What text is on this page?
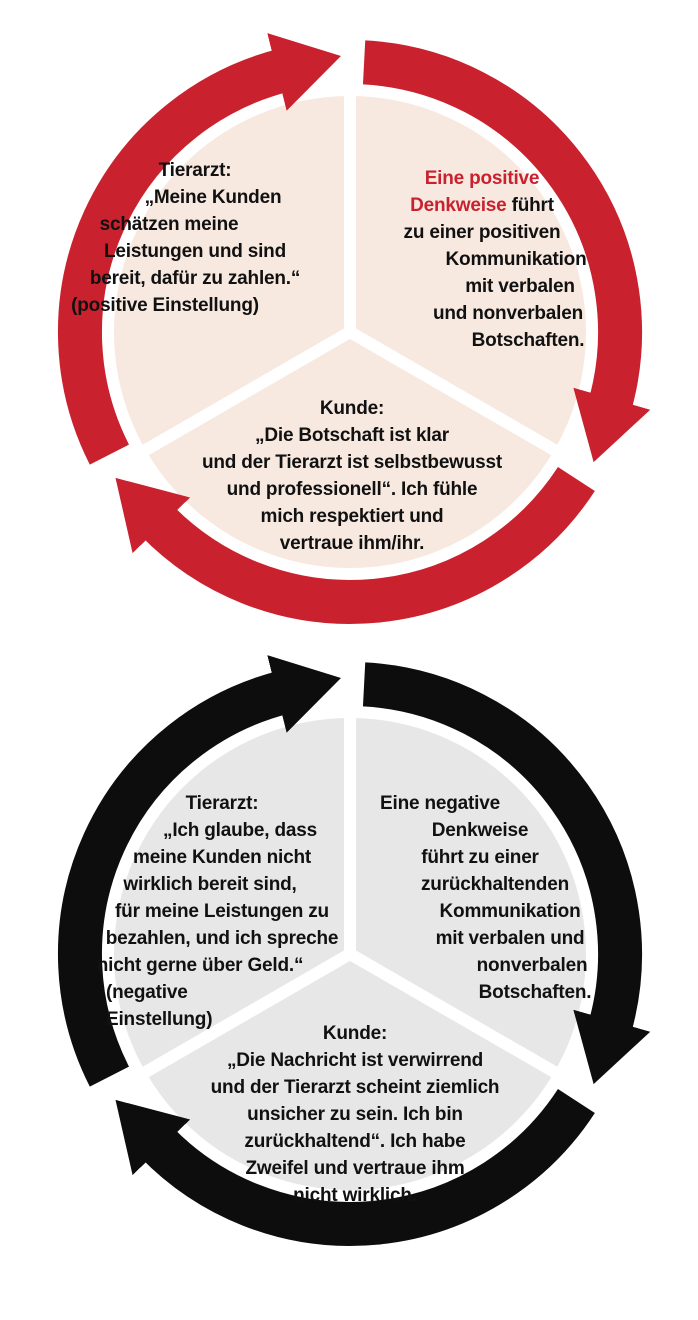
Tierarzt:
„Meine Kunden
schätzen meine
Leistungen und sind
bereit, dafür zu zahlen.“
(positive Einstellung)
Eine positive
Denkweise führt
zu einer positiven
Kommunikation
mit verbalen
und nonverbalen
Botschaften.
Kunde:
„Die Botschaft ist klar
und der Tierarzt ist selbstbewusst
und professionell“. Ich fühle
mich respektiert und
vertraue ihm/ihr.
Tierarzt:
„Ich glaube, dass
meine Kunden nicht
wirklich bereit sind,
für meine Leistungen zu
bezahlen, und ich spreche
nicht gerne über Geld.“
(negative
Einstellung)
Eine negative
Denkweise
führt zu einer
zurückhaltenden
Kommunikation
mit verbalen und
nonverbalen
Botschaften.
Kunde:
„Die Nachricht ist verwirrend
und der Tierarzt scheint ziemlich
unsicher zu sein. Ich bin
zurückhaltend“. Ich habe
Zweifel und vertraue ihm
nicht wirklich.
